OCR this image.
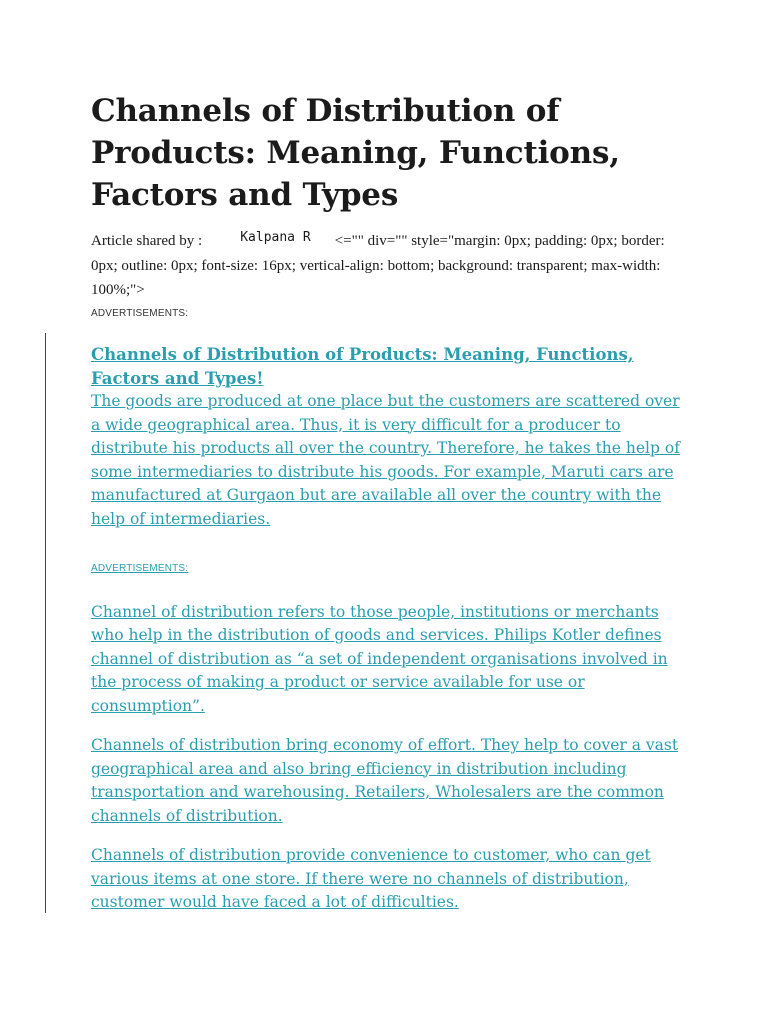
Channels of Distribution of Products: Meaning, Functions, Factors and Types
Article shared by :	Kalpana R <="" div="" style="margin: 0px; padding: 0px; border: 0px; outline: 0px; font-size: 16px; vertical-align: bottom; background: transparent; max-width: 100%;">
ADVERTISEMENTS:
Channels of Distribution of Products: Meaning, Functions, Factors and Types!

The goods are produced at one place but the customers are scattered over a wide geographical area. Thus, it is very difficult for a producer to distribute his products all over the country. Therefore, he takes the help of some intermediaries to distribute his goods. For example, Maruti cars are manufactured at Gurgaon but are available all over the country with the help of intermediaries.

ADVERTISEMENTS:

Channel of distribution refers to those people, institutions or merchants who help in the distribution of goods and services. Philips Kotler defines channel of distribution as “a set of independent organisations involved in the process of making a product or service available for use or consumption”.

Channels of distribution bring economy of effort. They help to cover a vast geographical area and also bring efficiency in distribution including transportation and warehousing. Retailers, Wholesalers are the common channels of distribution.

Channels of distribution provide convenience to customer, who can get various items at one store. If there were no channels of distribution, customer would have faced a lot of difficulties.
